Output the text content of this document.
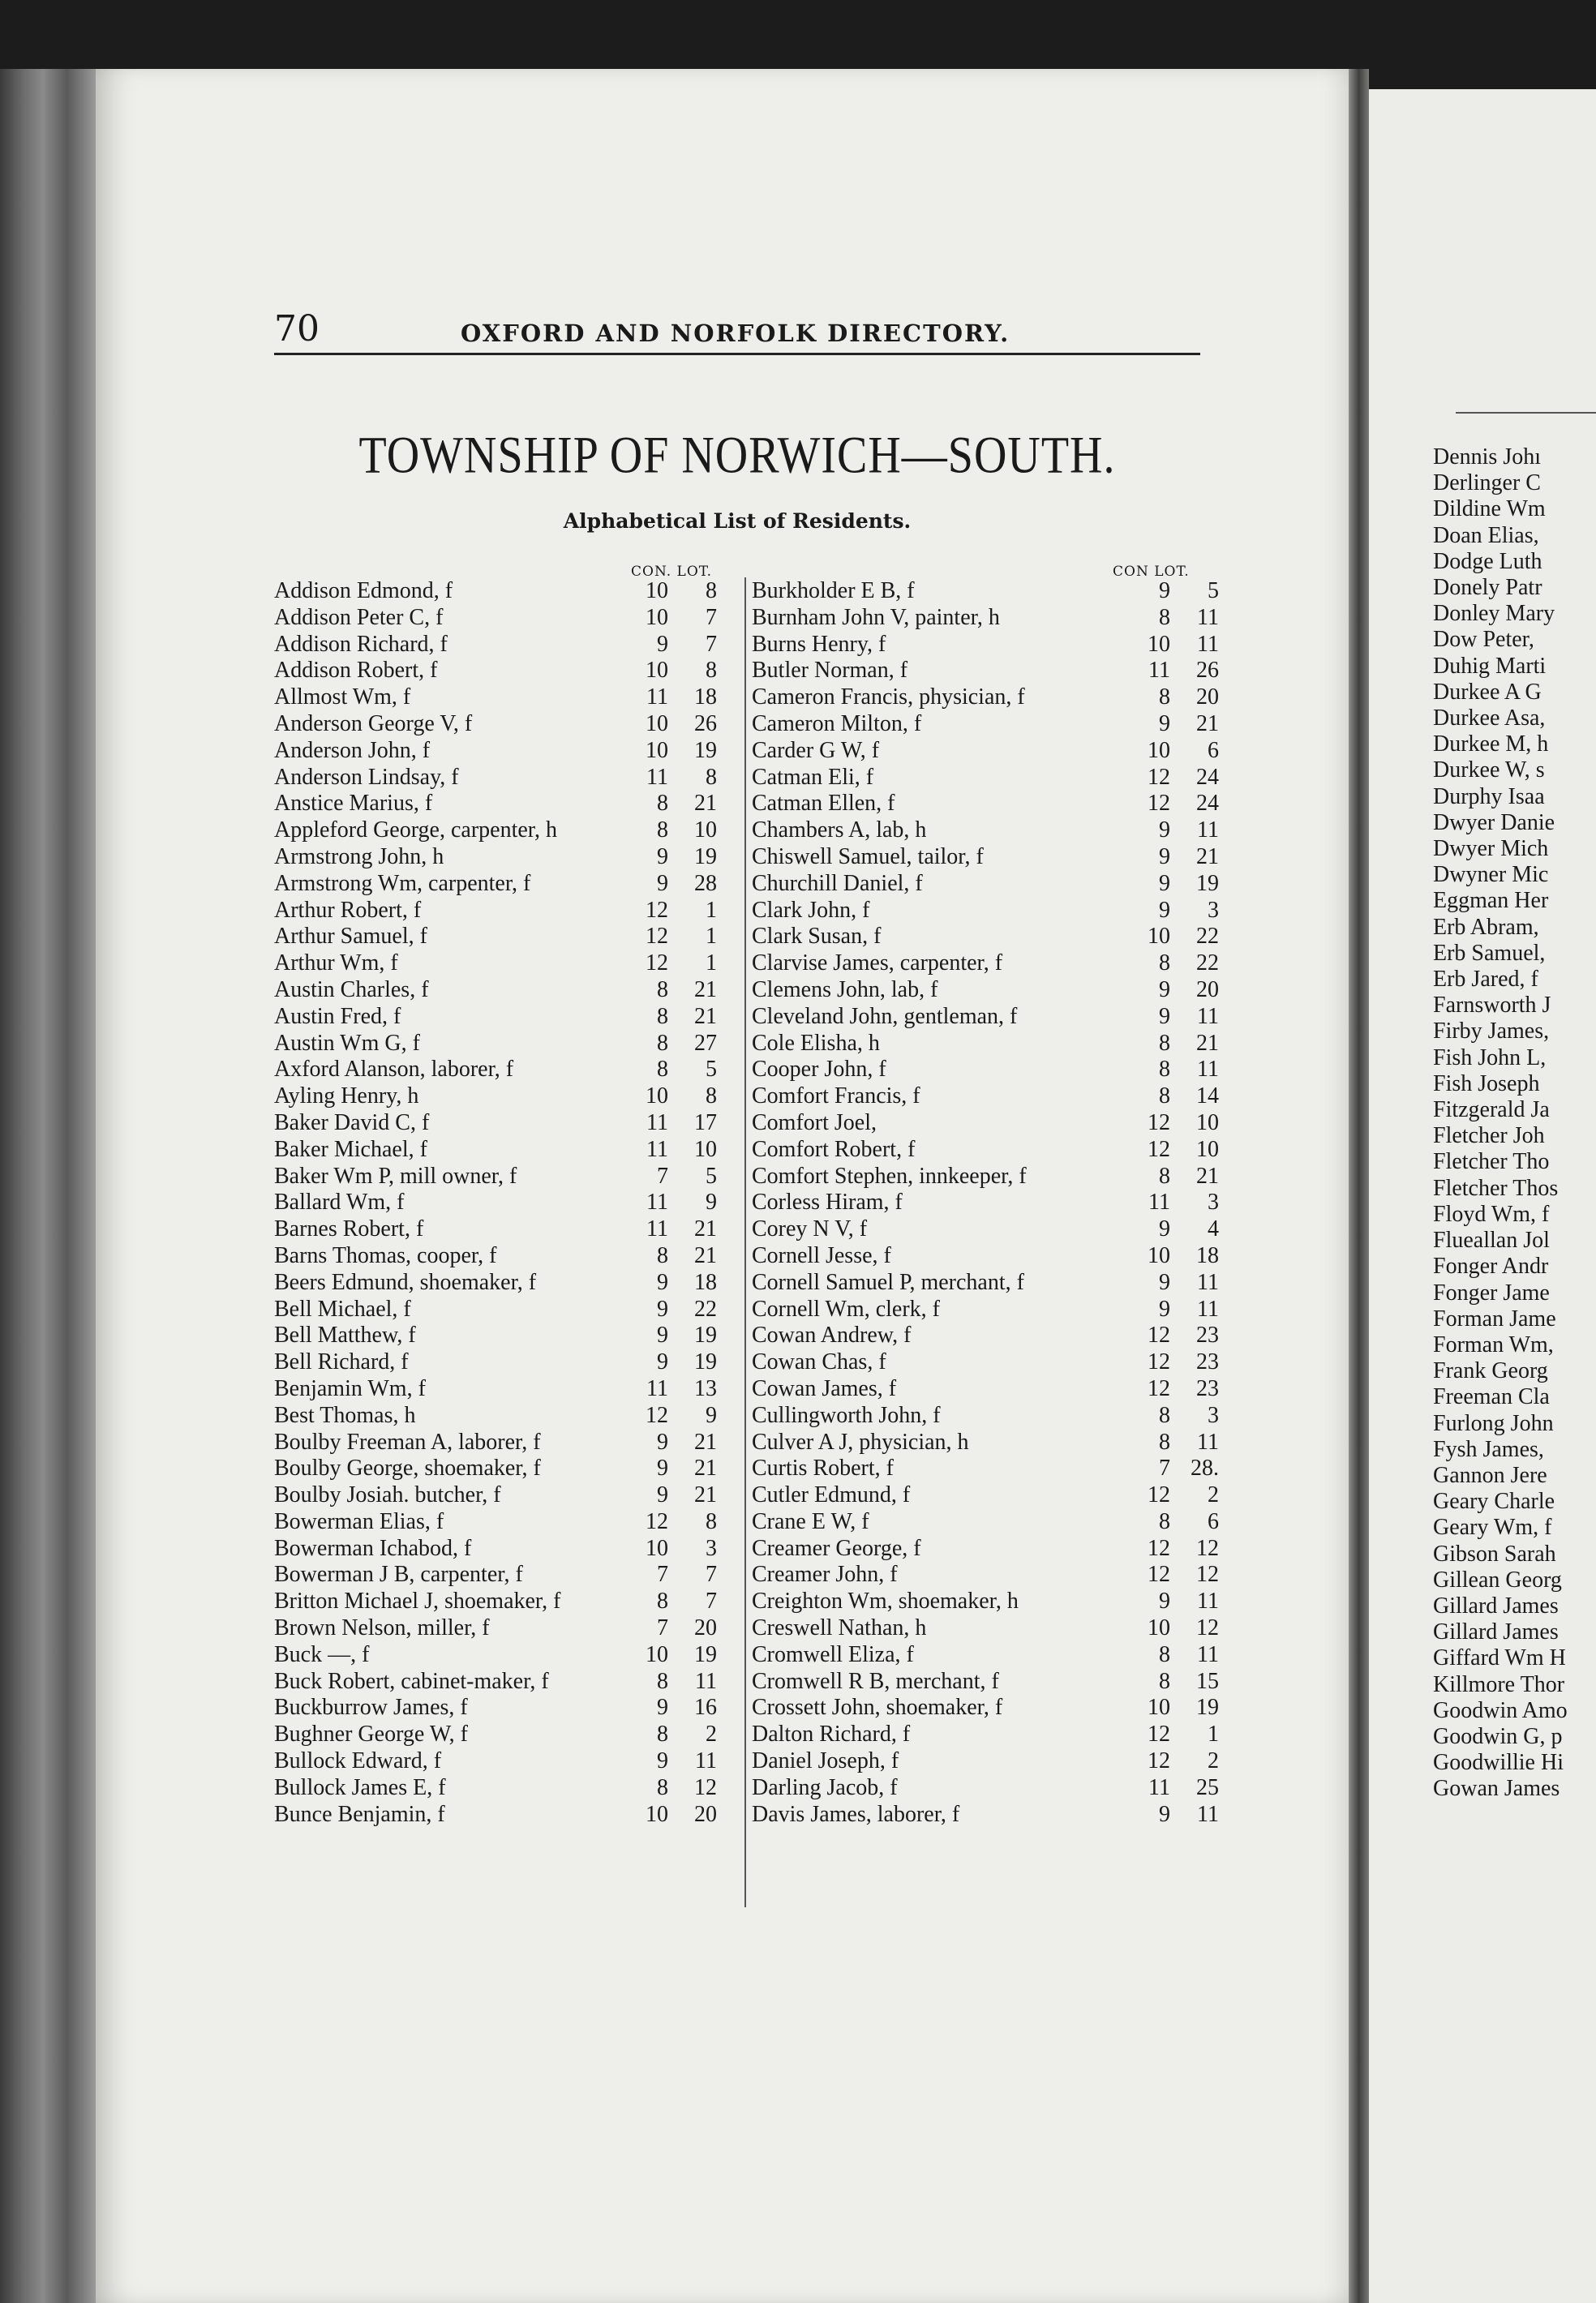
70	OXFORD AND NORFOLK DIRECTORY.
TOWNSHIP OF NORWICH—SOUTH.
Alphabetical List of Residents.
CON. LOT.	CON LOT.
Addison Edmond, f	10	8
Addison Peter C, f	10	7
Addison Richard, f	9	7
Addison Robert, f	10	8
Allmost Wm, f	11	18
Anderson George V, f	10	26
Anderson John, f	10	19
Anderson Lindsay, f	11	8
Anstice Marius, f	8	21
Appleford George, carpenter, h	8	10
Armstrong John, h	9	19
Armstrong Wm, carpenter, f	9	28
Arthur Robert, f	12	1
Arthur Samuel, f	12	1
Arthur Wm, f	12	1
Austin Charles, f	8	21
Austin Fred, f	8	21
Austin Wm G, f	8	27
Axford Alanson, laborer, f	8	5
Ayling Henry, h	10	8
Baker David C, f	11	17
Baker Michael, f	11	10
Baker Wm P, mill owner, f	7	5
Ballard Wm, f	11	9
Barnes Robert, f	11	21
Barns Thomas, cooper, f	8	21
Beers Edmund, shoemaker, f	9	18
Bell Michael, f	9	22
Bell Matthew, f	9	19
Bell Richard, f	9	19
Benjamin Wm, f	11	13
Best Thomas, h	12	9
Boulby Freeman A, laborer, f	9	21
Boulby George, shoemaker, f	9	21
Boulby Josiah. butcher, f	9	21
Bowerman Elias, f	12	8
Bowerman Ichabod, f	10	3
Bowerman J B, carpenter, f	7	7
Britton Michael J, shoemaker, f	8	7
Brown Nelson, miller, f	7	20
Buck —, f	10	19
Buck Robert, cabinet-maker, f	8	11
Buckburrow James, f	9	16
Bughner George W, f	8	2
Bullock Edward, f	9	11
Bullock James E, f	8	12
Bunce Benjamin, f	10	20
Burkholder E B, f	9	5
Burnham John V, painter, h	8	11
Burns Henry, f	10	11
Butler Norman, f	11	26
Cameron Francis, physician, f	8	20
Cameron Milton, f	9	21
Carder G W, f	10	6
Catman Eli, f	12	24
Catman Ellen, f	12	24
Chambers A, lab, h	9	11
Chiswell Samuel, tailor, f	9	21
Churchill Daniel, f	9	19
Clark John, f	9	3
Clark Susan, f	10	22
Clarvise James, carpenter, f	8	22
Clemens John, lab, f	9	20
Cleveland John, gentleman, f	9	11
Cole Elisha, h	8	21
Cooper John, f	8	11
Comfort Francis, f	8	14
Comfort Joel,	12	10
Comfort Robert, f	12	10
Comfort Stephen, innkeeper, f	8	21
Corless Hiram, f	11	3
Corey N V, f	9	4
Cornell Jesse, f	10	18
Cornell Samuel P, merchant, f	9	11
Cornell Wm, clerk, f	9	11
Cowan Andrew, f	12	23
Cowan Chas, f	12	23
Cowan James, f	12	23
Cullingworth John, f	8	3
Culver A J, physician, h	8	11
Curtis Robert, f	7 28.
Cutler Edmund, f	12	2
Crane E W, f	8	6
Creamer George, f	12	12
Creamer John, f	12	12
Creighton Wm, shoemaker, h	9	11
Creswell Nathan, h	10	12
Cromwell Eliza, f	8	11
Cromwell R B, merchant, f	8	15
Crossett John, shoemaker, f	10	19
Dalton Richard, f	12	1
Daniel Joseph, f	12	2
Darling Jacob, f	11	25
Davis James, laborer, f	9	11
Dennis Johı
Derlinger C
Dildine Wm
Doan Elias,
Dodge Luth
Donely Patr
Donley Mary
Dow Peter,
Duhig Marti
Durkee A G
Durkee Asa,
Durkee M, h
Durkee W, s
Durphy Isaa
Dwyer Danie
Dwyer Mich
Dwyner Mic
Eggman Her
Erb Abram,
Erb Samuel,
Erb Jared, f
Farnsworth J
Firby James,
Fish John L,
Fish Joseph
Fitzgerald Ja
Fletcher Joh
Fletcher Tho
Fletcher Thos
Floyd Wm, f
Flueallan Jol
Fonger Andr
Fonger Jame
Forman Jame
Forman Wm,
Frank Georg
Freeman Cla
Furlong John
Fysh James,
Gannon Jere
Geary Charle
Geary Wm, f
Gibson Sarah
Gillean Georg
Gillard James
Gillard James
Giffard Wm H
Killmore Thor
Goodwin Amo
Goodwin G, p
Goodwillie Hi
Gowan James
